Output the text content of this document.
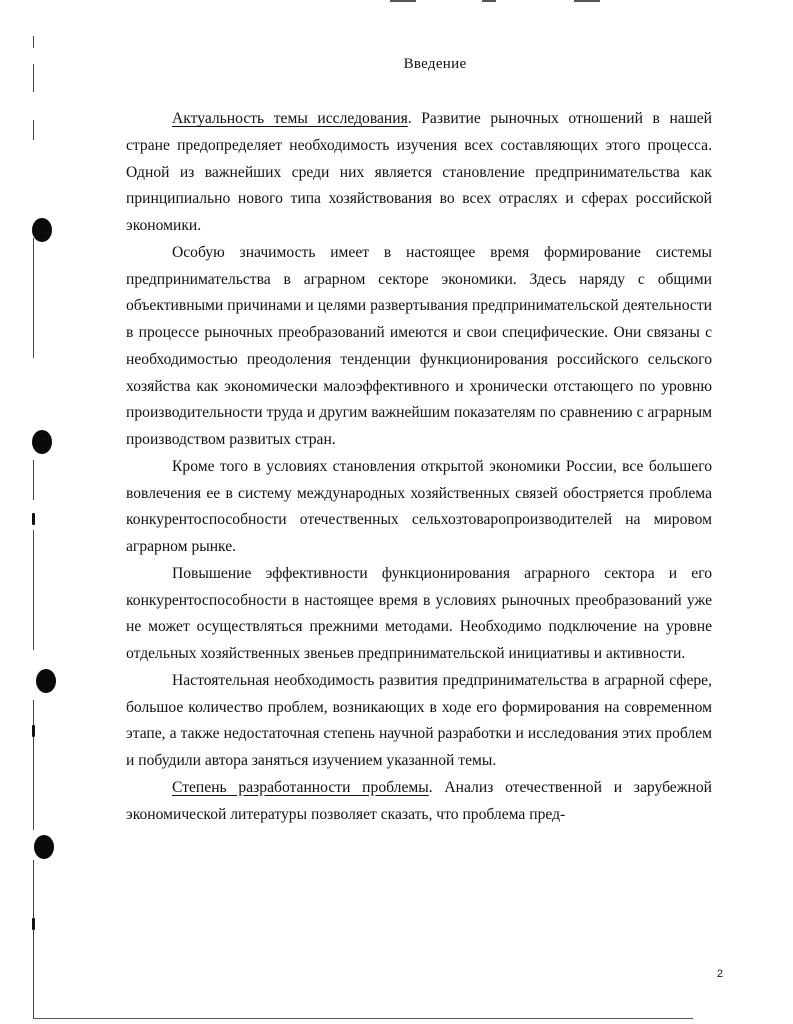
Введение

Актуальность темы исследования. Развитие рыночных отношений в нашей стране предопределяет необходимость изучения всех составляющих этого процесса. Одной из важнейших среди них является становление предпринимательства как принципиально нового типа хозяйствования во всех отраслях и сферах российской экономики.

Особую значимость имеет в настоящее время формирование системы предпринимательства в аграрном секторе экономики. Здесь наряду с общими объективными причинами и целями развертывания предпринимательской деятельности в процессе рыночных преобразований имеются и свои специфические. Они связаны с необходимостью преодоления тенденции функционирования российского сельского хозяйства как экономически малоэффективного и хронически отстающего по уровню производительности труда и другим важнейшим показателям по сравнению с аграрным производством развитых стран.

Кроме того в условиях становления открытой экономики России, все большего вовлечения ее в систему международных хозяйственных связей обостряется проблема конкурентоспособности отечественных сельхозтоваропроизводителей на мировом аграрном рынке.

Повышение эффективности функционирования аграрного сектора и его конкурентоспособности в настоящее время в условиях рыночных преобразований уже не может осуществляться прежними методами. Необходимо подключение на уровне отдельных хозяйственных звеньев предпринимательской инициативы и активности.

Настоятельная необходимость развития предпринимательства в аграрной сфере, большое количество проблем, возникающих в ходе его формирования на современном этапе, а также недостаточная степень научной разработки и исследования этих проблем и побудили автора заняться изучением указанной темы.

Степень разработанности проблемы. Анализ отечественной и зарубежной экономической литературы позволяет сказать, что проблема пред-

2
